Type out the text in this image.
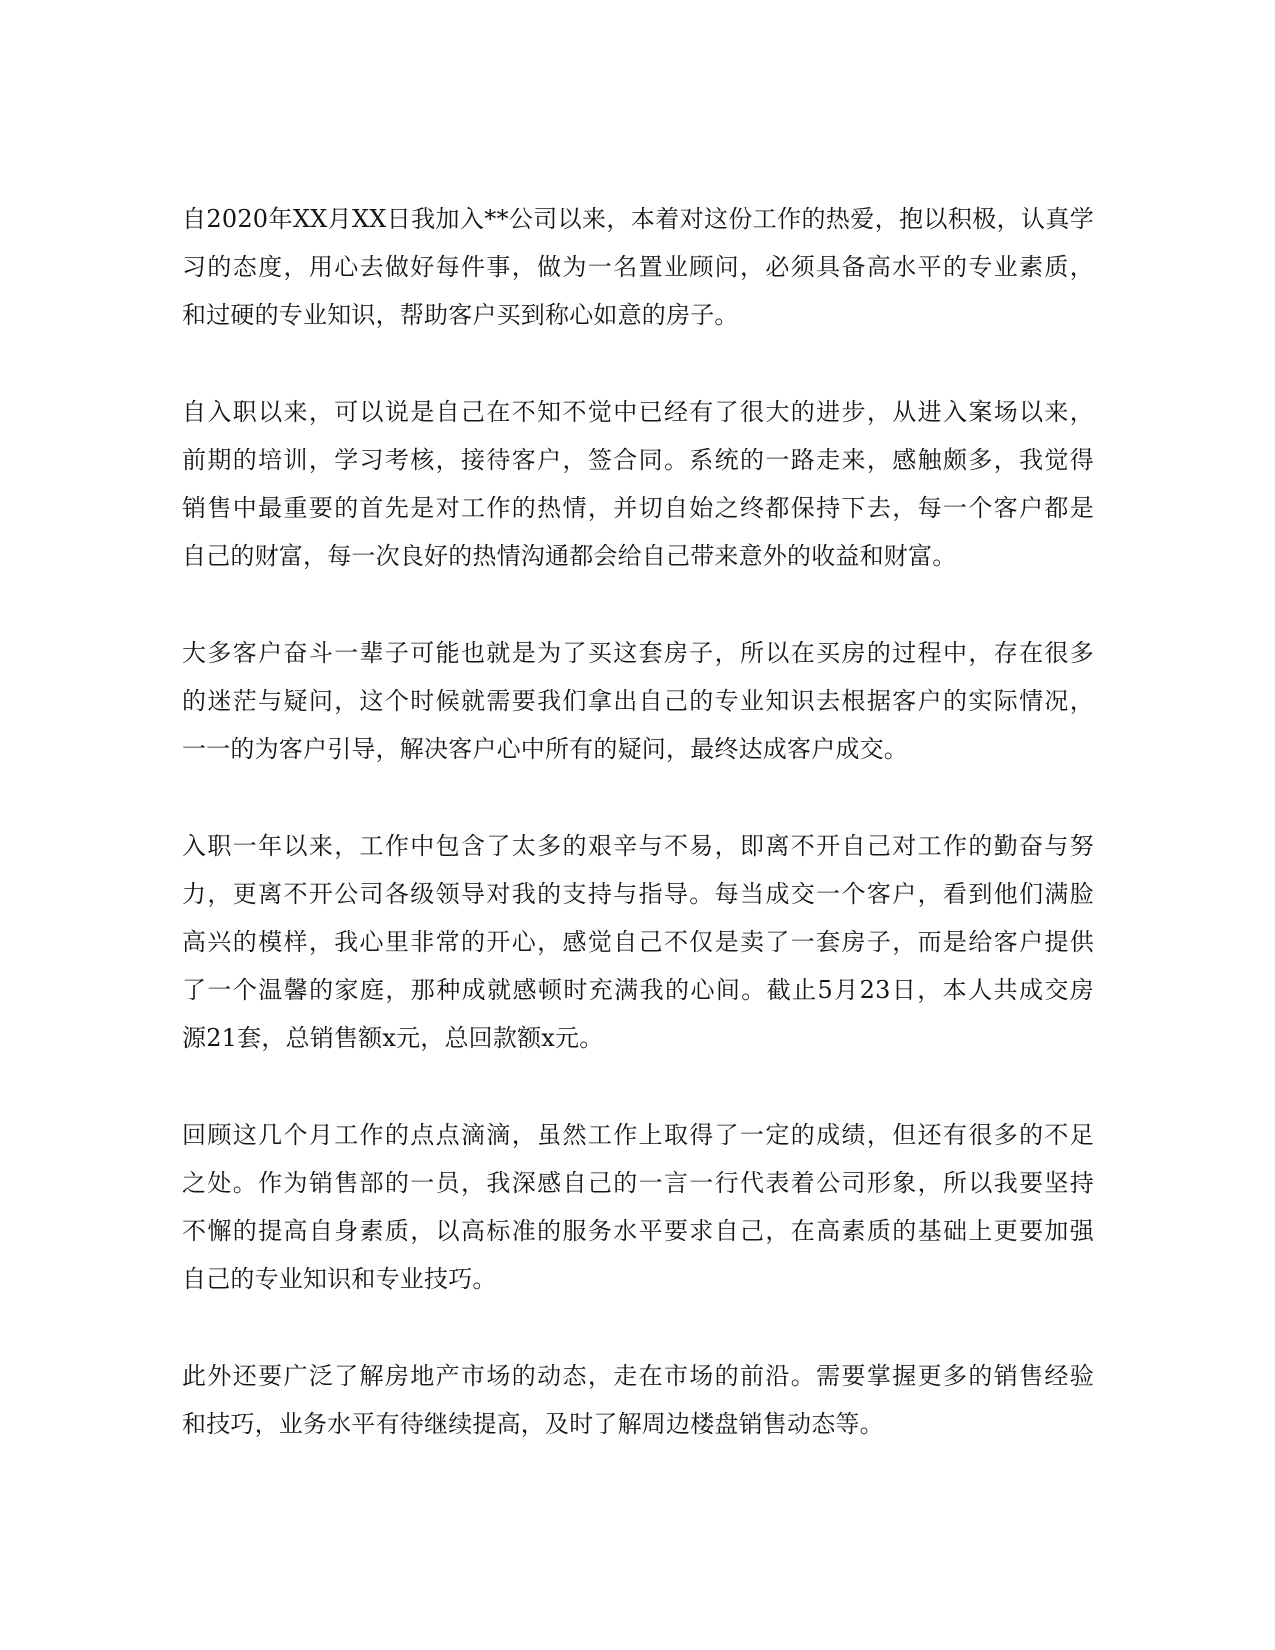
自2020年XX月XX日我加入**公司以来，本着对这份工作的热爱，抱以积极，认真学
习的态度，用心去做好每件事，做为一名置业顾问，必须具备高水平的专业素质，
和过硬的专业知识，帮助客户买到称心如意的房子。

自入职以来，可以说是自己在不知不觉中已经有了很大的进步，从进入案场以来，
前期的培训，学习考核，接待客户，签合同。系统的一路走来，感触颇多，我觉得
销售中最重要的首先是对工作的热情，并切自始之终都保持下去，每一个客户都是
自己的财富，每一次良好的热情沟通都会给自己带来意外的收益和财富。

大多客户奋斗一辈子可能也就是为了买这套房子，所以在买房的过程中，存在很多
的迷茫与疑问，这个时候就需要我们拿出自己的专业知识去根据客户的实际情况，
一一的为客户引导，解决客户心中所有的疑问，最终达成客户成交。

入职一年以来，工作中包含了太多的艰辛与不易，即离不开自己对工作的勤奋与努
力，更离不开公司各级领导对我的支持与指导。每当成交一个客户，看到他们满脸
高兴的模样，我心里非常的开心，感觉自己不仅是卖了一套房子，而是给客户提供
了一个温馨的家庭，那种成就感顿时充满我的心间。截止5月23日，本人共成交房
源21套，总销售额x元，总回款额x元。

回顾这几个月工作的点点滴滴，虽然工作上取得了一定的成绩，但还有很多的不足
之处。作为销售部的一员，我深感自己的一言一行代表着公司形象，所以我要坚持
不懈的提高自身素质，以高标准的服务水平要求自己，在高素质的基础上更要加强
自己的专业知识和专业技巧。

此外还要广泛了解房地产市场的动态，走在市场的前沿。需要掌握更多的销售经验
和技巧，业务水平有待继续提高，及时了解周边楼盘销售动态等。
